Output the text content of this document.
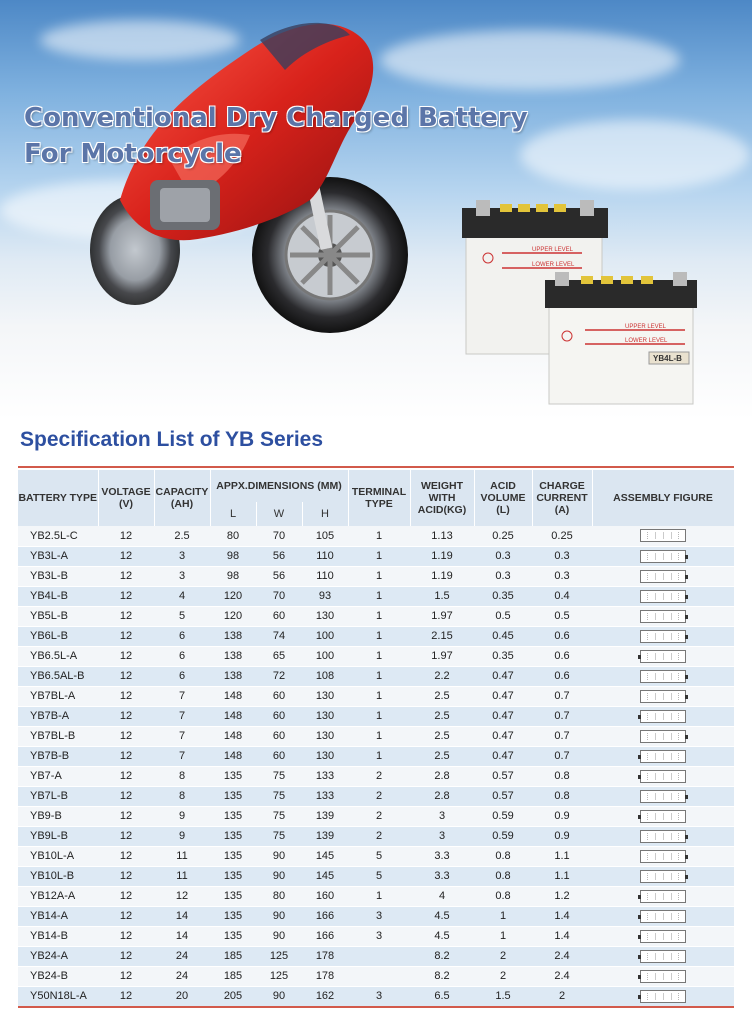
Conventional Dry Charged Battery
For Motorcycle
UPPER LEVEL
LOWER LEVEL
UPPER LEVEL
LOWER LEVEL
YB4L-B
Specification List of YB Series
BATTERY TYPE	VOLTAGE (V)	CAPACITY (AH)	APPX.DIMENSIONS (MM)			TERMINAL TYPE	WEIGHT WITH ACID(KG)	ACID VOLUME (L)	CHARGE CURRENT (A)	ASSEMBLY FIGURE
			L	W	H					
YB2.5L-C	12	2.5	80	70	105	1	1.13	0.25	0.25	
YB3L-A	12	3	98	56	110	1	1.19	0.3	0.3	

YB3L-B	12	3	98	56	110	1	1.19	0.3	0.3	

YB4L-B	12	4	120	70	93	1	1.5	0.35	0.4	

YB5L-B	12	5	120	60	130	1	1.97	0.5	0.5	

YB6L-B	12	6	138	74	100	1	2.15	0.45	0.6	

YB6.5L-A	12	6	138	65	100	1	1.97	0.35	0.6	

YB6.5AL-B	12	6	138	72	108	1	2.2	0.47	0.6	

YB7BL-A	12	7	148	60	130	1	2.5	0.47	0.7	

YB7B-A	12	7	148	60	130	1	2.5	0.47	0.7	

YB7BL-B	12	7	148	60	130	1	2.5	0.47	0.7	

YB7B-B	12	7	148	60	130	1	2.5	0.47	0.7	

YB7-A	12	8	135	75	133	2	2.8	0.57	0.8	

YB7L-B	12	8	135	75	133	2	2.8	0.57	0.8	

YB9-B	12	9	135	75	139	2	3	0.59	0.9	

YB9L-B	12	9	135	75	139	2	3	0.59	0.9	

YB10L-A	12	11	135	90	145	5	3.3	0.8	1.1	

YB10L-B	12	11	135	90	145	5	3.3	0.8	1.1	

YB12A-A	12	12	135	80	160	1	4	0.8	1.2	

YB14-A	12	14	135	90	166	3	4.5	1	1.4	

YB14-B	12	14	135	90	166	3	4.5	1	1.4	

YB24-A	12	24	185	125	178		8.2	2	2.4	

YB24-B	12	24	185	125	178		8.2	2	2.4	

Y50N18L-A	12	20	205	90	162	3	6.5	1.5	2	
